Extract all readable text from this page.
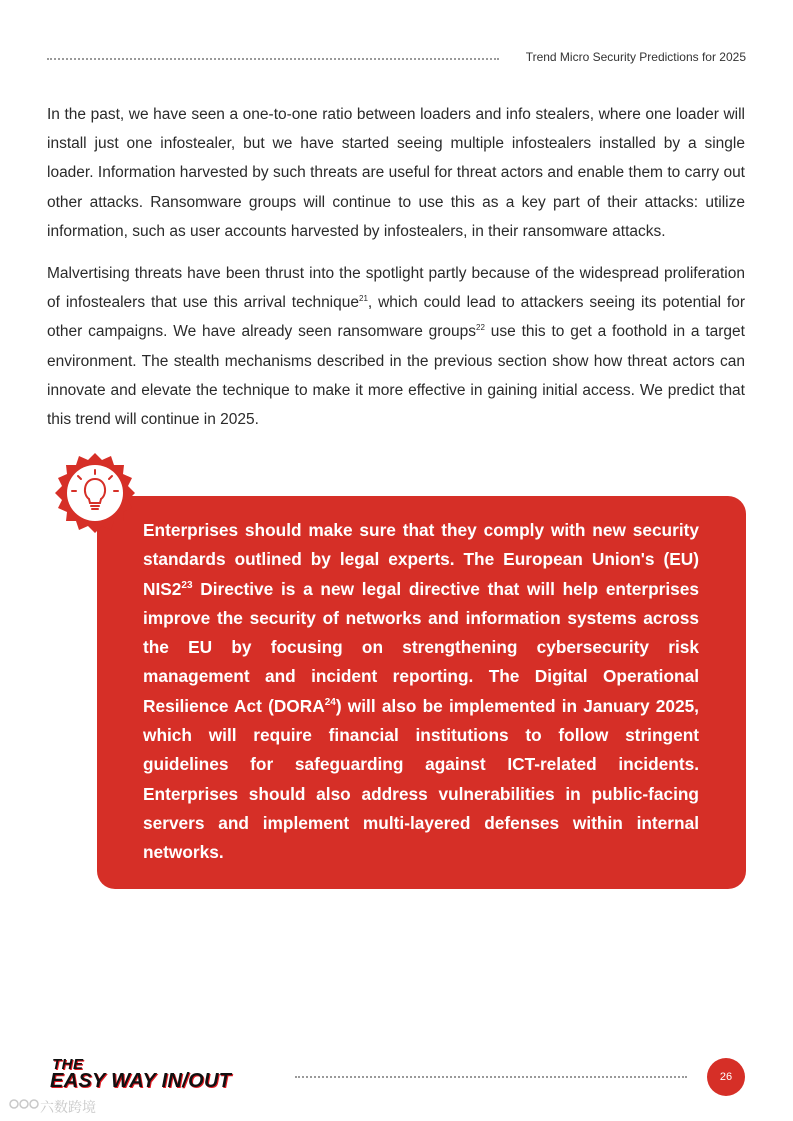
Trend Micro Security Predictions for 2025

In the past, we have seen a one-to-one ratio between loaders and info stealers, where one loader will install just one infostealer, but we have started seeing multiple infostealers installed by a single loader. Information harvested by such threats are useful for threat actors and enable them to carry out other attacks. Ransomware groups will continue to use this as a key part of their attacks: utilize information, such as user accounts harvested by infostealers, in their ransomware attacks.

Malvertising threats have been thrust into the spotlight partly because of the widespread proliferation of infostealers that use this arrival technique$^{21}$, which could lead to attackers seeing its potential for other campaigns. We have already seen ransomware groups$^{22}$ use this to get a foothold in a target environment. The stealth mechanisms described in the previous section show how threat actors can innovate and elevate the technique to make it more effective in gaining initial access. We predict that this trend will continue in 2025.

Enterprises should make sure that they comply with new security standards outlined by legal experts. The European Union's (EU) $NIS2^{23}$ Directive is a new legal directive that will help enterprises improve the security of networks and information systems across the EU by focusing on strengthening cybersecurity risk management and incident reporting. The Digital Operational Resilience Act (DORA$^{24}$) will also be implemented in January 2025, which will require financial institutions to follow stringent guidelines for safeguarding against ICT-related incidents. Enterprises should also address vulnerabilities in public-facing servers and implement multi-layered defenses within internal networks.

THE
EASY WAY IN/OUT	26
六数跨境
